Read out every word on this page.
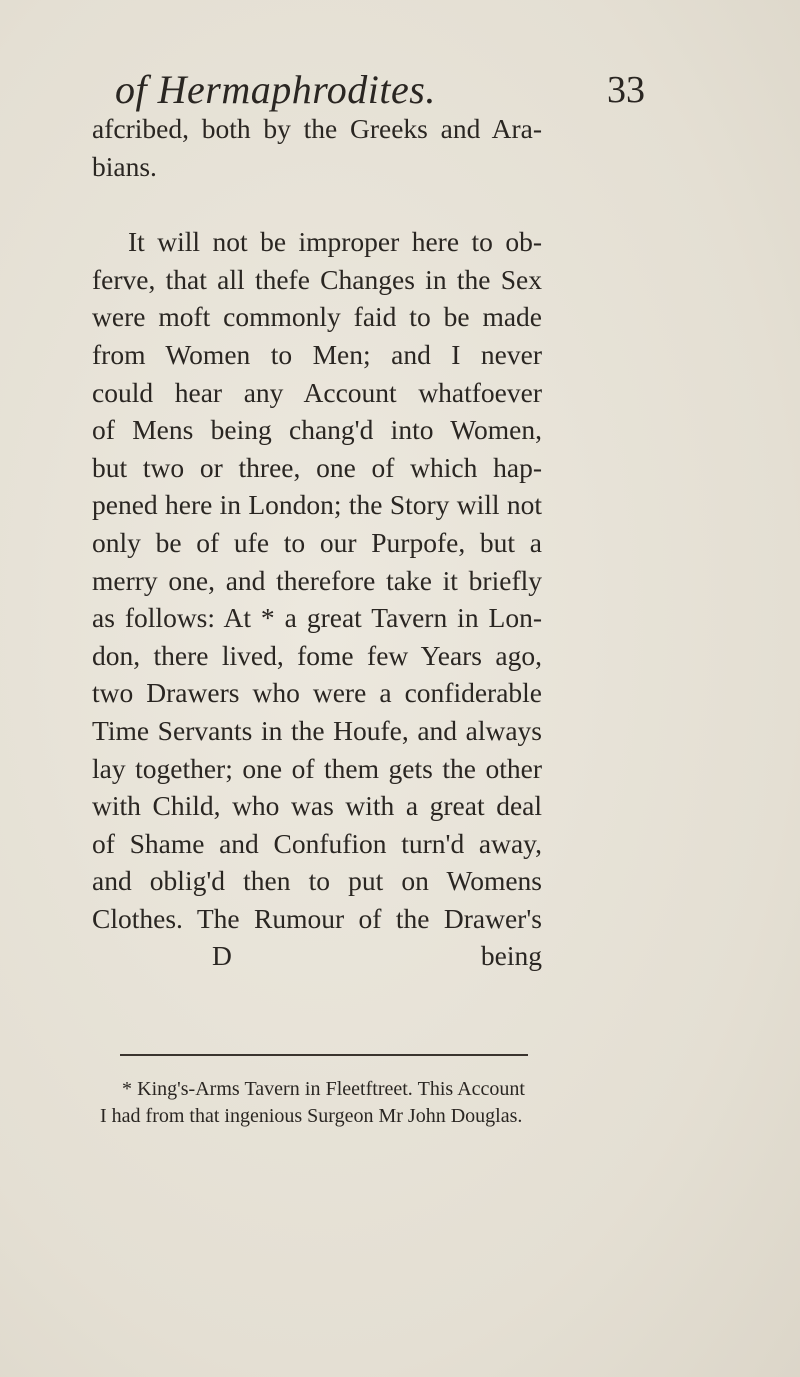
of Hermaphrodites.	33
afcribed, both by the Greeks and Ara-
bians.
It will not be improper here to ob-
ferve, that all thefe Changes in the Sex
were moft commonly faid to be made
from Women to Men; and I never
could hear any Account whatfoever
of Mens being chang'd into Women,
but two or three, one of which hap-
pened here in London; the Story will not
only be of ufe to our Purpofe, but a
merry one, and therefore take it briefly
as follows: At * a great Tavern in Lon-
don, there lived, fome few Years ago,
two Drawers who were a confiderable
Time Servants in the Houfe, and always
lay together; one of them gets the other
with Child, who was with a great deal
of Shame and Confufion turn'd away,
and oblig'd then to put on Womens
Clothes. The Rumour of the Drawer's
D	being
* King's-Arms Tavern in Fleetftreet. This Account
I had from that ingenious Surgeon Mr John Douglas.
